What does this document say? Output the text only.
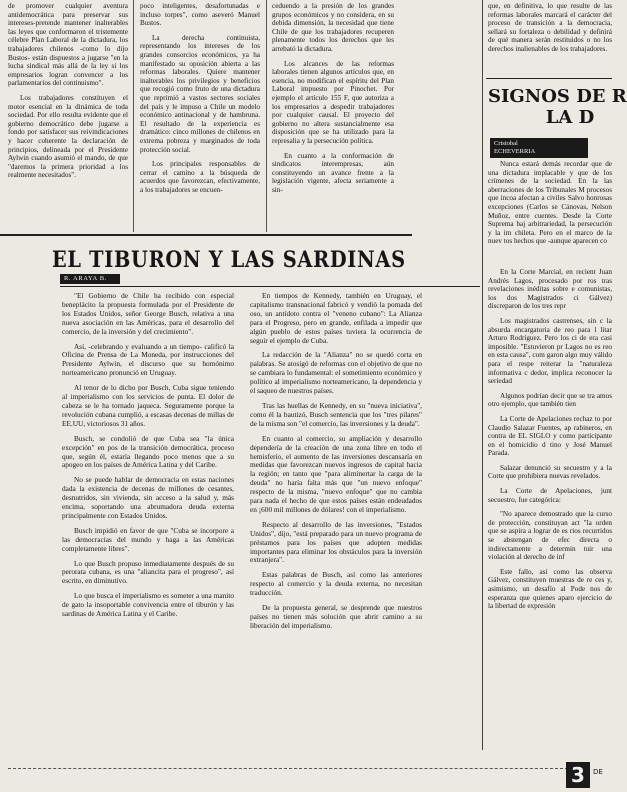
de promover cualquier aventura antidemocrática para preservar sus intereses-pretende mantener inalterables las leyes que conformaron el tristemente célebre Plan Laboral de la dictadura, los trabajadores chilenos -como lo dijo Bustos- están dispuestos a jugarse "en la lucha sindical más allá de la ley si los empresarios logran convencer a los parlamentarios del continuismo".

Los trabajadores constituyen el motor esencial en la dinámica de toda sociedad. Por ello resulta evidente que el gobierno democrático debe jugarse a fondo por satisfacer sus reivindicaciones y hacer coherente la declaración de principios, delineada por el Presidente Aylwin cuando asumió el mando, de que "daremos la primera prioridad a los realmente necesitados".

poco inteligentes, desafortunadas e incluso torpes", como aseveró Manuel Bustos.

La derecha continuista, representando los intereses de los grandes consorcios económicos, ya ha manifestado su oposición abierta a las reformas laborales. Quiere mantener inalterables los privilegios y beneficios que recogió como fruto de una dictadura que reprimió a vastos sectores sociales del país y le impuso a Chile un modelo económico antinacional y de hambruna. El resultado de la experiencia es dramático: cinco millones de chilenos en extrema pobreza y marginados de toda protección social.

Los principales responsables de cerrar el camino a la búsqueda de acuerdos que favorezcan, efectivamente, a los trabajadores se encuen-

ceduendo a la presión de los grandes grupos económicos y no considera, en su debida dimensión, la necesidad que tiene Chile de que los trabajadores recuperen plenamente todos los derechos que les arrebató la dictadura.

Los alcances de las reformas laborales tienen algunos artículos que, en esencia, no modifican el espíritu del Plan Laboral impuesto por Pinochet. Por ejemplo el artículo 155 F, que autoriza a los empresarios a despedir trabajadores por cualquier causal. El proyecto del gobierno no altera sustancialmente esa disposición que se ha utilizado para la represalia y la persecución política.

En cuanto a la conformación de sindicatos interempresas, aún constituyendo un avance frente a la legislación vigente, afecta seriamente a sin-

que, en definitiva, lo que resulte de las reformas laborales marcará el carácter del proceso de transición a la democracia, sellará su fortaleza o debilidad y definirá de qué manera serán restituidos o no los derechos inalienables de los trabajadores.

EL TIBURON Y LAS SARDINAS
R. ARAYA B.

"El Gobierno de Chile ha recibido con especial beneplácito la propuesta formulada por el Presidente de los Estados Unidos, señor George Busch, relativa a una nueva asociación en las Américas, para el desarrollo del comercio, de la inversión y del crecimiento".

Así, -celebrando y evaluando a un tiempo- calificó la Oficina de Prensa de La Moneda, por instrucciones del Presidente Aylwin, el discurso que su homónimo norteamericano pronunció en Uruguay.

Al tenor de lo dicho por Busch, Cuba sigue teniendo al imperialismo con los servicios de punta. El dolor de cabeza se le ha tornado jaqueca. Seguramente porque la revolución cubana cumplió, a escasas decenas de millas de EE.UU, victoriosos 31 años.

Busch, se condolió de que Cuba sea "la única excepción" en pos de la transición democrática, proceso que, según él, estaría llegando poco menos que a su apogeo en los países de América Latina y del Caribe.

No se puede hablar de democracia en estas naciones dada la existencia de decenas de millones de cesantes, desnutridos, sin vivienda, sin acceso a la salud y, más encima, soportando una abrumadora deuda externa principalmente con Estados Unidos.

Busch impidió en favor de que "Cuba se incorpore a las democracias del mundo y haga a las Américas completamente libres".

Lo que Busch propuso inmediatamente después de su perorata cubana, es una "aliancita para el progreso", así escrito, en diminutivo.

Lo que busca el imperialismo es someter a una manito de gato la insoportable convivencia entre el tiburón y las sardinas de América Latina y el Caribe.

En tiempos de Kennedy, también en Uruguay, el capitalismo transnacional fabricó y vendió la pomada del oso, un antídoto contra el "veneno cubano": La Alianza para el Progreso, pero en grande, enfilada a impedir que algún pueblo de estos países tuviera la ocurrencia de seguir el ejemplo de Cuba.

La redacción de la "Alianza" no se quedó corta en palabras. Se atosigó de reformas con el objetivo de que no se cambiara lo fundamental: el sometimiento económico y político al imperialismo norteamericano, la dependencia y el saqueo de nuestros países.

Tras las huellas de Kennedy, en su "nueva iniciativa", como él la bautizó, Busch sentencia que los "tres pilares" de la misma son "el comercio, las inversiones y la deuda".

En cuanto al comercio, su ampliación y desarrollo dependería de la creación de una zona libre en todo el hemisferio, el aumento de las inversiones descansaría en medidas que favorezcan nuevos ingresos de capital hacia la región; en tanto que "para aliminertar la carga de la deuda" no haría falta más que "un nuevo enfoque" respecto de la misma, "nuevo enfoque" que no cambia para nada el hecho de que estos países están endeudados en ¡600 mil millones de dólares! con el imperialismo.

Respecto al desarrollo de las inversiones, "Estados Unidos", dijo, "está preparado para un nuevo programa de préstamos para los países que adopten medidas importantes para eliminar los obstáculos para la inversión extranjera".

Estas palabras de Busch, así como las anteriores respecto al comercio y la deuda externa, no necesitan traducción.

De la propuesta general, se desprende que nuestros países no tienen más solución que abrir camino a su liberación del imperialismo.

SIGNOS DE R
LA D
Cristobal
ECHEVERRIA

Nunca estará demás recordar que de una dictadura implacable y que de los crímenes de la sociedad. En la las aberraciones de los Tribunales M procesos que incoa afectan a civiles Salvo honrosas excepciones (Carlos se Cánovas, Nelson Muñoz, entre cuentes. Desde la Corte Suprema baj arbitrariedad, la persecución y la im chileta. Pero en el marco de la nuev tos hechos que -aunque aparecen co

En la Corte Marcial, en recient Juan Andrés Lagos, procesado por ros tras revelaciones inéditas sobre e comunistas, los dos Magistrados ci Gálvez) discreparon de los tres repr

Los magistrados castrenses, sin c la absurda encargatoria de reo para l litar Arturo Rodríguez. Pero los ci de era casi imposible. "Estuvieron pr Lagos no es reo en esta causa", com garon algo muy válido para el respe reiterar la "naturaleza informativa c dedor, implica reconocer la seriedad

Algunos podrían decir que se tra amos otro ejemplo, que también tien

La Corte de Apelaciones rechaz to por Claudio Salazar Fuentes, ap rabineros, en contra de EL SIGLO y como participante en el homicidio d tino y José Manuel Parada.

Salazar denunció su secuestro y a la Corte que prohibiera nuevas revelados.

La Corte de Apelaciones, junt secuestro, fue categórica:

"No aparece demostrado que la curso de protección, constituyan act "la orden que se aspira a lograr de es rios recurridos se abstengan de efec directa o indirectamente a determin tuir una violación al derecho de inf

Este fallo, así como las observa Gálvez, constituyen muestras de re ces y, asimismo, un desafío al Pode nos de esperanza que quienes aparo ejercicio de la libertad de expresión

3	DE
